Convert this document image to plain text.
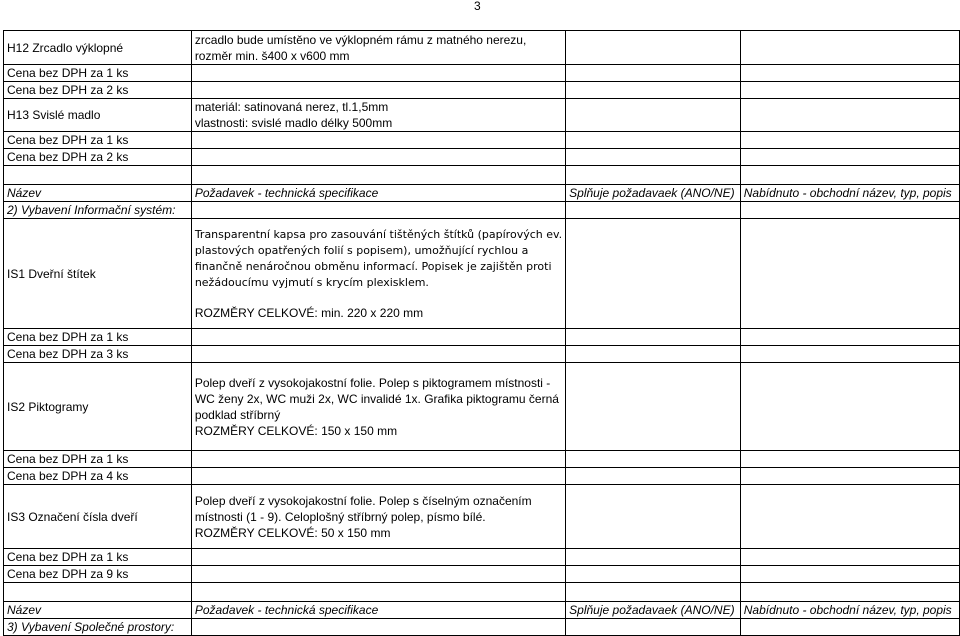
3
H12 Zrcadlo výklopné	zrcadlo bude umístěno ve výklopném rámu z matného nerezu,
rozměr min. š400 x v600 mm		

Cena bez DPH za 1 ks			
Cena bez DPH za 2 ks			
H13 Svislé madlo	materiál: satinovaná nerez, tl.1,5mm
vlastnosti: svislé madlo délky 500mm		

Cena bez DPH za 1 ks			
Cena bez DPH za 2 ks			

Název	Požadavek - technická specifikace	Splňuje požadavaek (ANO/NE)	Nabídnuto - obchodní název, typ, popis
2) Vybavení Informační systém:			
IS1 Dveřní štítek	Transparentní kapsa pro zasouvání tištěných štítků (papírových ev.
plastových opatřených folií s popisem), umožňující rychlou a
finančně nenáročnou obměnu informací. Popisek je zajištěn proti
nežádoucímu vyjmutí s krycím plexisklem.
ROZMĚRY CELKOVÉ: min. 220 x 220 mm		

Cena bez DPH za 1 ks			
Cena bez DPH za 3 ks			
IS2 Piktogramy	Polep dveří z vysokojakostní folie. Polep s piktogramem místnosti -
WC ženy 2x, WC muži 2x, WC invalidé 1x. Grafika piktogramu černá
podklad stříbrný
ROZMĚRY CELKOVÉ: 150 x 150 mm		

Cena bez DPH za 1 ks			
Cena bez DPH za 4 ks			
IS3 Označení čísla dveří	Polep dveří z vysokojakostní folie. Polep s číselným označením
místnosti (1 - 9). Celoplošný stříbrný polep, písmo bílé.
ROZMĚRY CELKOVÉ: 50 x 150 mm		

Cena bez DPH za 1 ks			
Cena bez DPH za 9 ks			

Název	Požadavek - technická specifikace	Splňuje požadavaek (ANO/NE)	Nabídnuto - obchodní název, typ, popis
3) Vybavení Společné prostory:			
